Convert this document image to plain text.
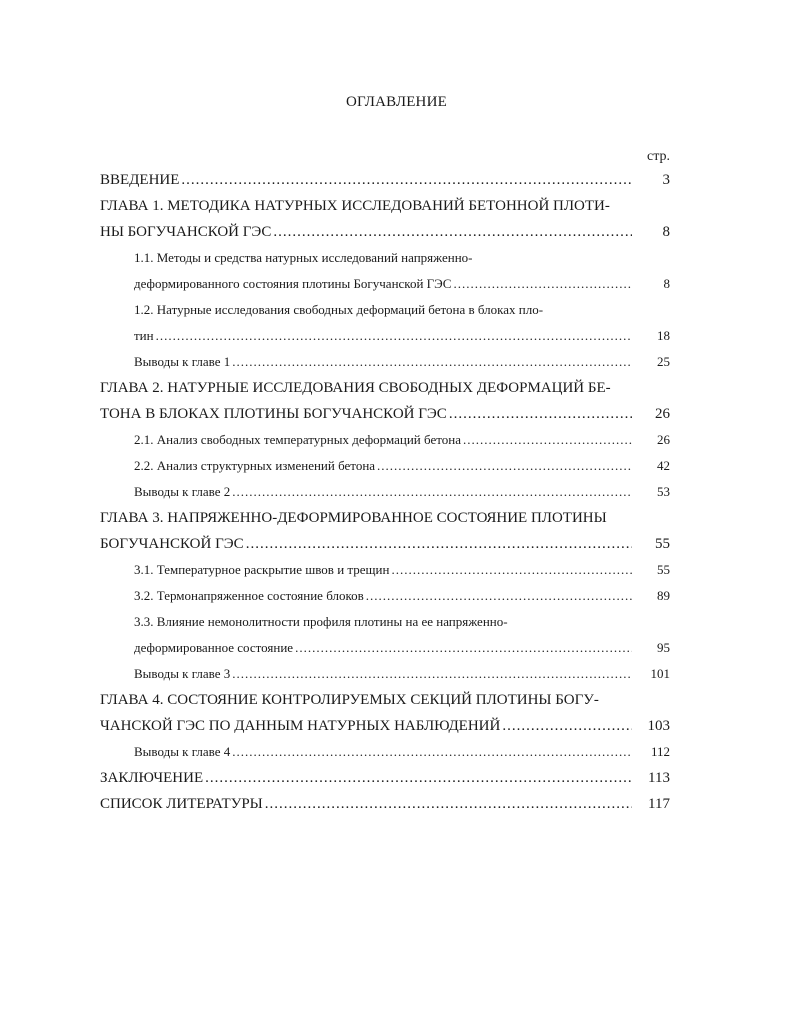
ОГЛАВЛЕНИЕ
стр.
ВВЕДЕНИЕ .....	3
ГЛАВА 1. МЕТОДИКА НАТУРНЫХ ИССЛЕДОВАНИЙ БЕТОННОЙ ПЛОТИ-
НЫ БОГУЧАНСКОЙ ГЭС .....	8
1.1. Методы и средства натурных исследований напряженно-
деформированного состояния плотины Богучанской ГЭС .....	8
1.2. Натурные исследования свободных деформаций бетона в блоках пло-
тин .....	18
Выводы к главе 1 .....	25
ГЛАВА 2. НАТУРНЫЕ ИССЛЕДОВАНИЯ СВОБОДНЫХ ДЕФОРМАЦИЙ БЕ-
ТОНА В БЛОКАХ ПЛОТИНЫ БОГУЧАНСКОЙ ГЭС .....	26
2.1. Анализ свободных температурных деформаций бетона .....	26
2.2. Анализ структурных изменений бетона .....	42
Выводы к главе 2 .....	53
ГЛАВА 3. НАПРЯЖЕННО-ДЕФОРМИРОВАННОЕ СОСТОЯНИЕ ПЛОТИНЫ
БОГУЧАНСКОЙ ГЭС .....	55
3.1. Температурное раскрытие швов и трещин .....	55
3.2. Термонапряженное состояние блоков .....	89
3.3. Влияние немонолитности профиля плотины на ее напряженно-
деформированное состояние .....	95
Выводы к главе 3 .....	101
ГЛАВА 4. СОСТОЯНИЕ КОНТРОЛИРУЕМЫХ СЕКЦИЙ ПЛОТИНЫ БОГУ-
ЧАНСКОЙ ГЭС ПО ДАННЫМ НАТУРНЫХ НАБЛЮДЕНИЙ .....	103
Выводы к главе 4 .....	112
ЗАКЛЮЧЕНИЕ .....	113
СПИСОК ЛИТЕРАТУРЫ .....	117
